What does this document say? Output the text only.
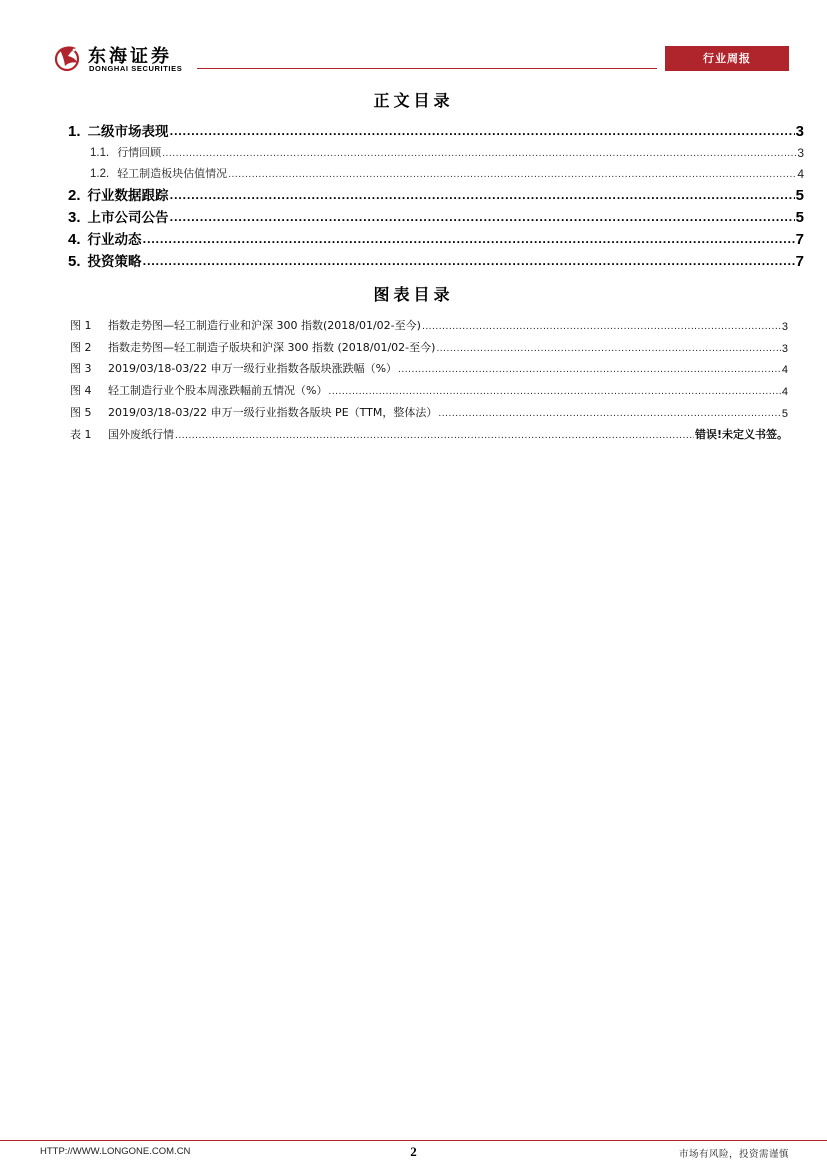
东海证券
DONGHAI SECURITIES
行业周报
正文目录
1. 二级市场表现 .....	3
1.1. 行情回顾 .....	3
1.2. 轻工制造板块估值情况 .....	4
2. 行业数据跟踪 .....	5
3. 上市公司公告 .....	5
4. 行业动态 .....	7
5. 投资策略 .....	7
图表目录
图 1 指数走势图—轻工制造行业和沪深 300 指数(2018/01/02-至今) .....	3
图 2 指数走势图—轻工制造子版块和沪深 300 指数 (2018/01/02-至今) .....	3
图 3 2019/03/18-03/22 申万一级行业指数各版块涨跌幅（%） .....	4
图 4 轻工制造行业个股本周涨跌幅前五情况（%） .....	4
图 5 2019/03/18-03/22 申万一级行业指数各版块 PE（TTM，整体法） .....	5
表 1 国外废纸行情 .....	错误!未定义书签。
HTTP://WWW.LONGONE.COM.CN	2	市场有风险，投资需谨慎
